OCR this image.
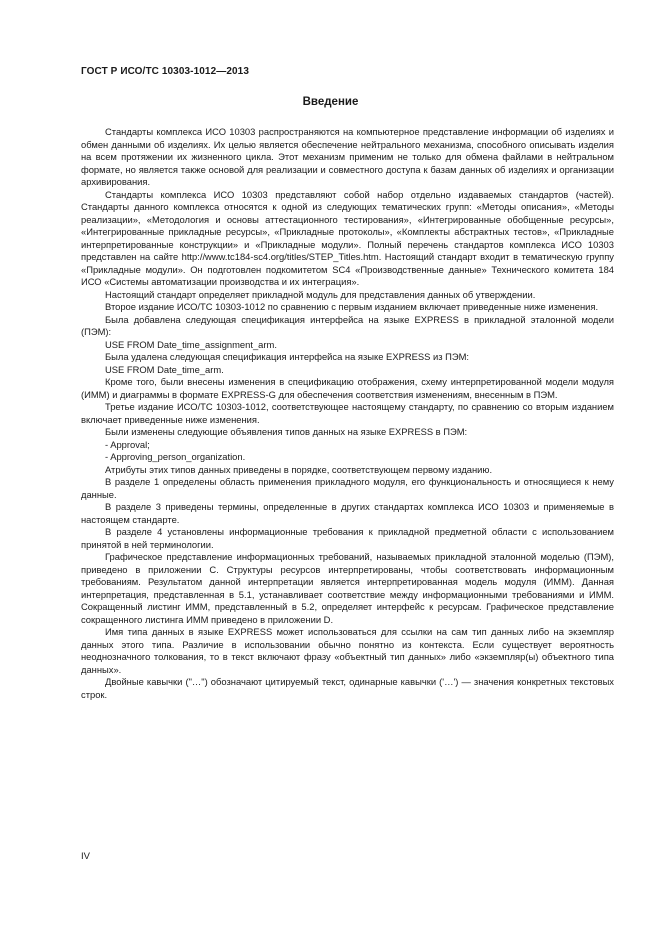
ГОСТ Р ИСО/ТС 10303-1012—2013
Введение

Стандарты комплекса ИСО 10303 распространяются на компьютерное представление информации об изделиях и обмен данными об изделиях. Их целью является обеспечение нейтрального механизма, способного описывать изделия на всем протяжении их жизненного цикла. Этот механизм применим не только для обмена файлами в нейтральном формате, но является также основой для реализации и совместного доступа к базам данных об изделиях и организации архивирования.

Стандарты комплекса ИСО 10303 представляют собой набор отдельно издаваемых стандартов (частей). Стандарты данного комплекса относятся к одной из следующих тематических групп: «Методы описания», «Методы реализации», «Методология и основы аттестационного тестирования», «Интегрированные обобщенные ресурсы», «Интегрированные прикладные ресурсы», «Прикладные протоколы», «Комплекты абстрактных тестов», «Прикладные интерпретированные конструкции» и «Прикладные модули». Полный перечень стандартов комплекса ИСО 10303 представлен на сайте http://www.tc184-sc4.org/titles/STEP_Titles.htm. Настоящий стандарт входит в тематическую группу «Прикладные модули». Он подготовлен подкомитетом SC4 «Производственные данные» Технического комитета 184 ИСО «Системы автоматизации производства и их интеграция».

Настоящий стандарт определяет прикладной модуль для представления данных об утверждении.

Второе издание ИСО/ТС 10303-1012 по сравнению с первым изданием включает приведенные ниже изменения.

Была добавлена следующая спецификация интерфейса на языке EXPRESS в прикладной эталонной модели (ПЭМ):

USE FROM Date_time_assignment_arm.

Была удалена следующая спецификация интерфейса на языке EXPRESS из ПЭМ:

USE FROM Date_time_arm.

Кроме того, были внесены изменения в спецификацию отображения, схему интерпретированной модели модуля (ИММ) и диаграммы в формате EXPRESS-G для обеспечения соответствия изменениям, внесенным в ПЭМ.

Третье издание ИСО/ТС 10303-1012, соответствующее настоящему стандарту, по сравнению со вторым изданием включает приведенные ниже изменения.

Были изменены следующие объявления типов данных на языке EXPRESS в ПЭМ:

- Approval;

- Approving_person_organization.

Атрибуты этих типов данных приведены в порядке, соответствующем первому изданию.

В разделе 1 определены область применения прикладного модуля, его функциональность и относящиеся к нему данные.

В разделе 3 приведены термины, определенные в других стандартах комплекса ИСО 10303 и применяемые в настоящем стандарте.

В разделе 4 установлены информационные требования к прикладной предметной области с использованием принятой в ней терминологии.

Графическое представление информационных требований, называемых прикладной эталонной моделью (ПЭМ), приведено в приложении С. Структуры ресурсов интерпретированы, чтобы соответствовать информационным требованиям. Результатом данной интерпретации является интерпретированная модель модуля (ИММ). Данная интерпретация, представленная в 5.1, устанавливает соответствие между информационными требованиями и ИММ. Сокращенный листинг ИММ, представленный в 5.2, определяет интерфейс к ресурсам. Графическое представление сокращенного листинга ИММ приведено в приложении D.

Имя типа данных в языке EXPRESS может использоваться для ссылки на сам тип данных либо на экземпляр данных этого типа. Различие в использовании обычно понятно из контекста. Если существует вероятность неоднозначного толкования, то в текст включают фразу «объектный тип данных» либо «экземпляр(ы) объектного типа данных».

Двойные кавычки ("…") обозначают цитируемый текст, одинарные кавычки ('…') — значения конкретных текстовых строк.

IV
